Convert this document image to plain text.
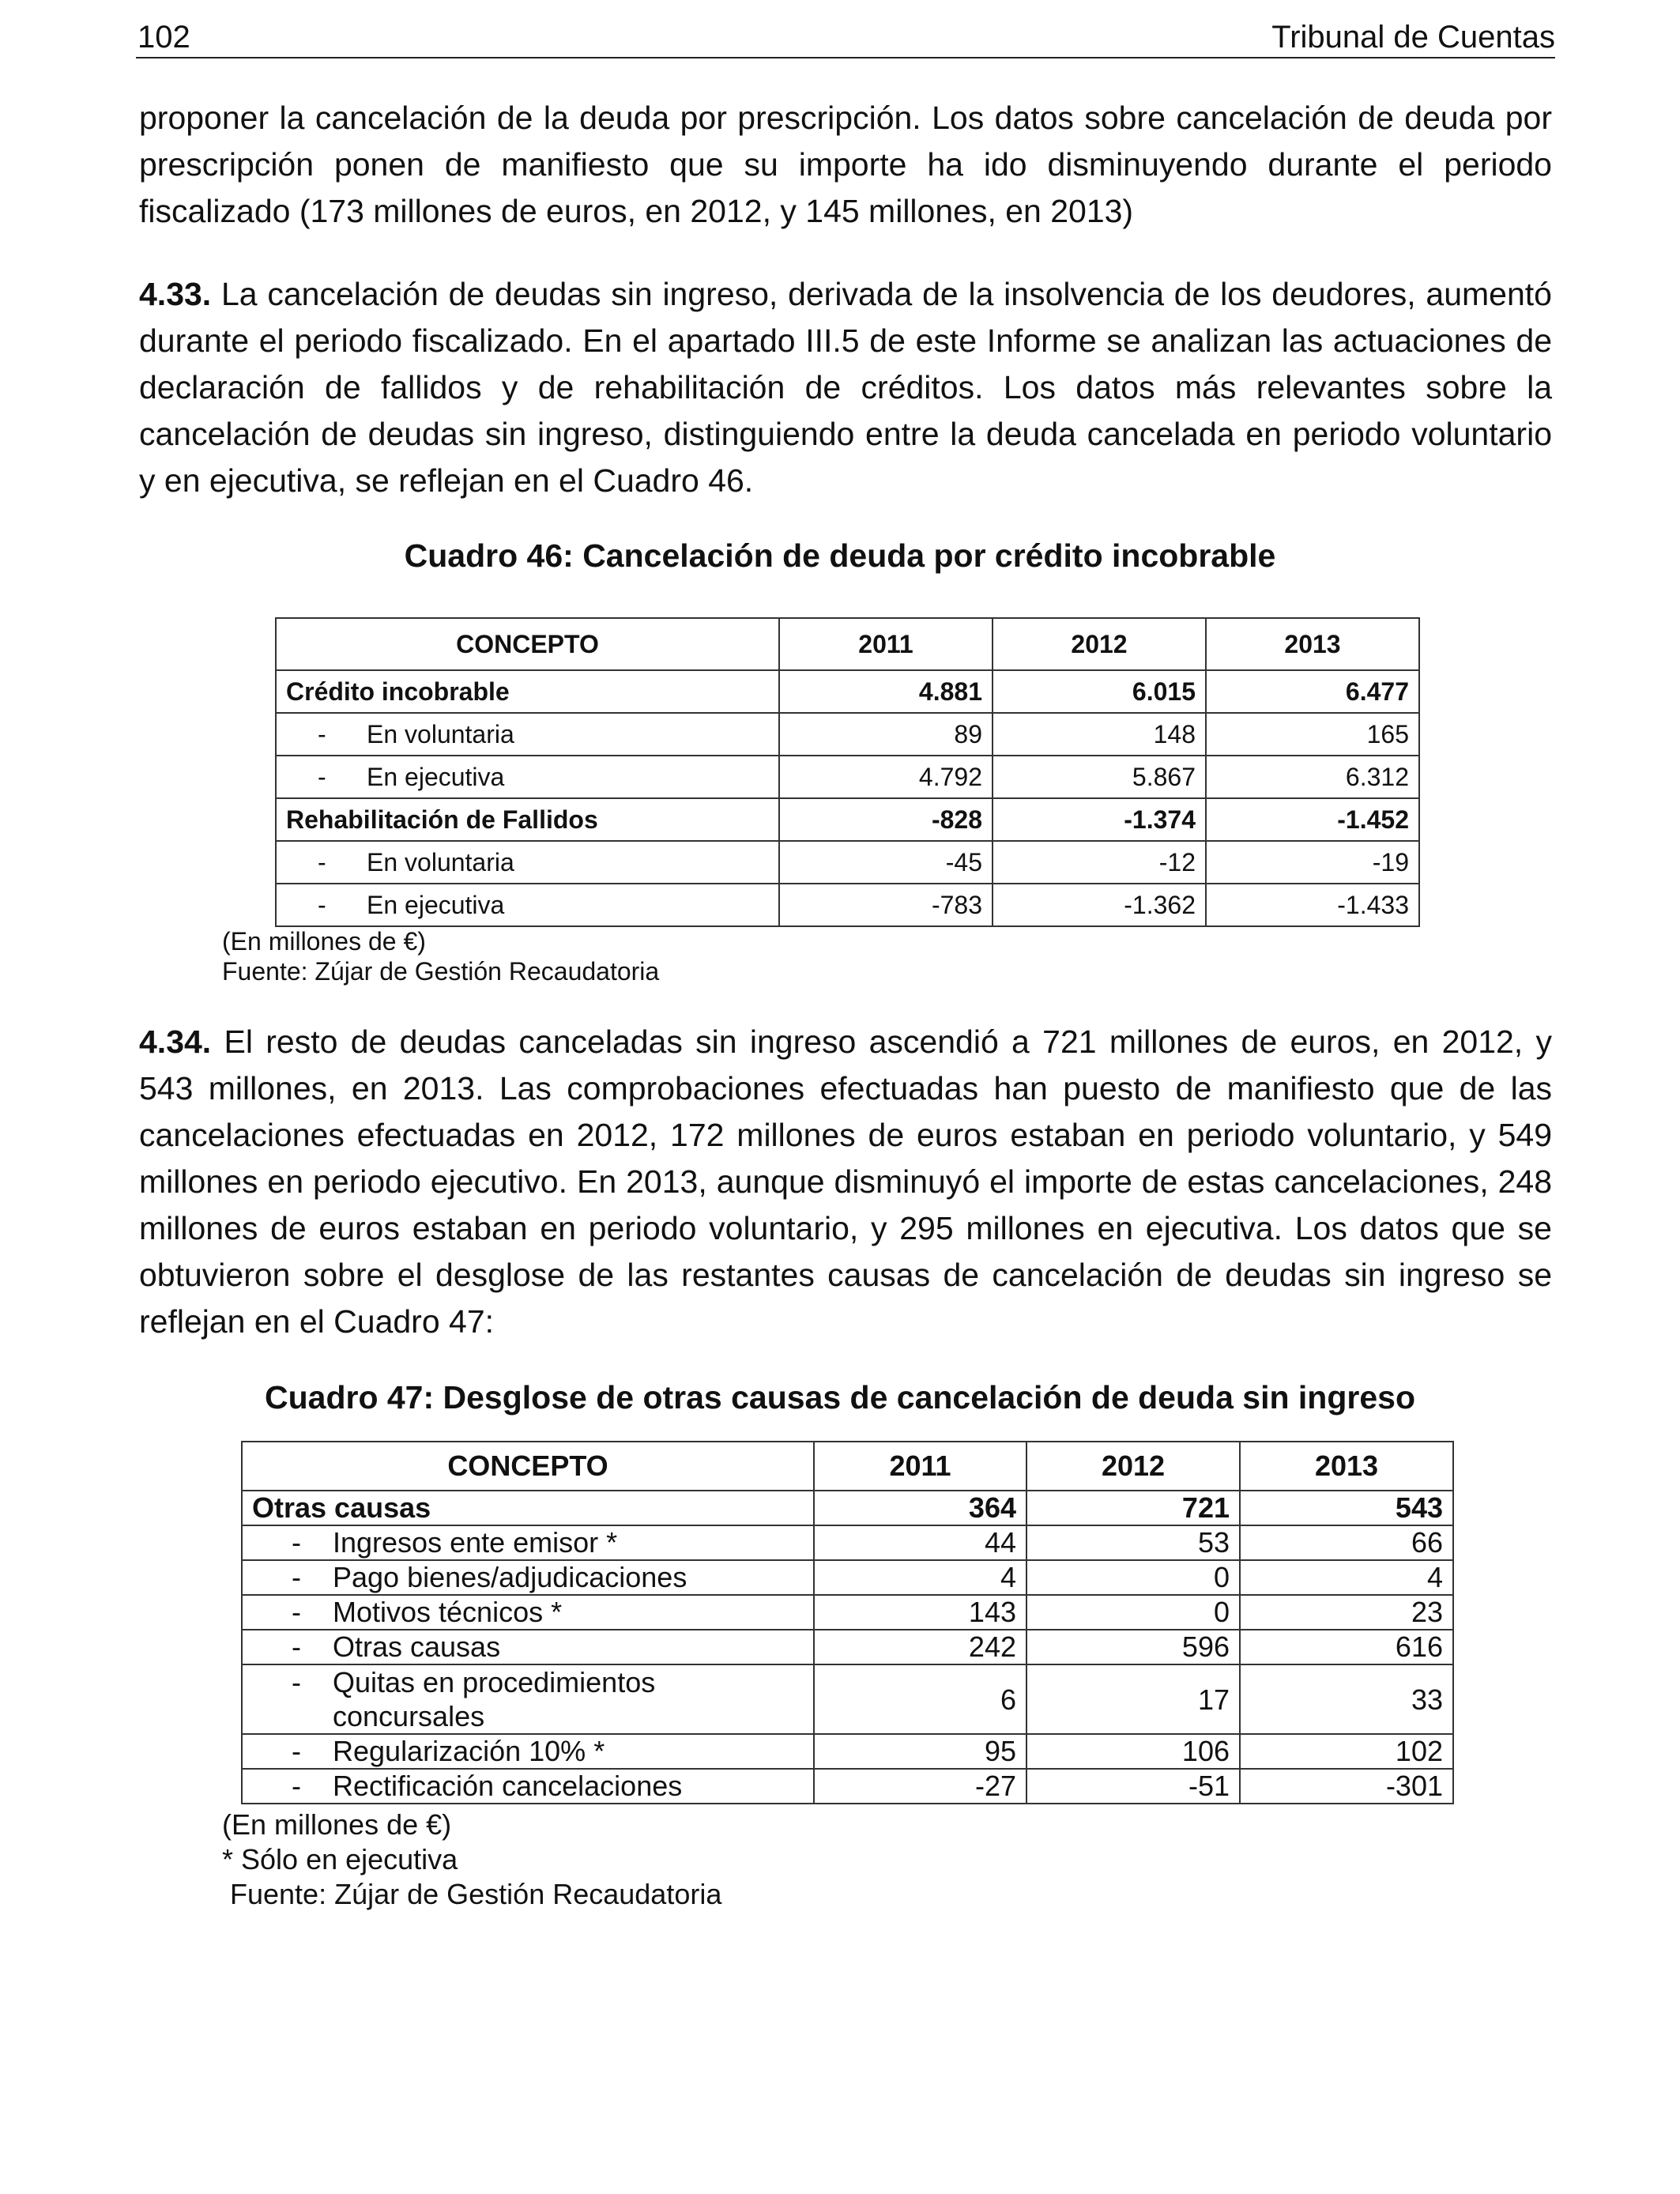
102	Tribunal de Cuentas

proponer la cancelación de la deuda por prescripción. Los datos sobre cancelación de deuda por prescripción ponen de manifiesto que su importe ha ido disminuyendo durante el periodo fiscalizado (173 millones de euros, en 2012, y 145 millones, en 2013)

4.33. La cancelación de deudas sin ingreso, derivada de la insolvencia de los deudores, aumentó durante el periodo fiscalizado. En el apartado III.5 de este Informe se analizan las actuaciones de declaración de fallidos y de rehabilitación de créditos. Los datos más relevantes sobre la cancelación de deudas sin ingreso, distinguiendo entre la deuda cancelada en periodo voluntario y en ejecutiva, se reflejan en el Cuadro 46.

Cuadro 46: Cancelación de deuda por crédito incobrable

CONCEPTO	2011	2012	2013
Crédito incobrable	4.881	6.015	6.477
- En voluntaria	89	148	165
- En ejecutiva	4.792	5.867	6.312
Rehabilitación de Fallidos	-828	-1.374	-1.452
- En voluntaria	-45	-12	-19
- En ejecutiva	-783	-1.362	-1.433

(En millones de €)

Fuente: Zújar de Gestión Recaudatoria

4.34. El resto de deudas canceladas sin ingreso ascendió a 721 millones de euros, en 2012, y 543 millones, en 2013. Las comprobaciones efectuadas han puesto de manifiesto que de las cancelaciones efectuadas en 2012, 172 millones de euros estaban en periodo voluntario, y 549 millones en periodo ejecutivo. En 2013, aunque disminuyó el importe de estas cancelaciones, 248 millones de euros estaban en periodo voluntario, y 295 millones en ejecutiva. Los datos que se obtuvieron sobre el desglose de las restantes causas de cancelación de deudas sin ingreso se reflejan en el Cuadro 47:

Cuadro 47: Desglose de otras causas de cancelación de deuda sin ingreso

CONCEPTO	2011	2012	2013
Otras causas	364	721	543
- Ingresos ente emisor *	44	53	66
- Pago bienes/adjudicaciones	4	0	4
- Motivos técnicos *	143	0	23
- Otras causas	242	596	616
- Quitas en procedimientos
concursales	6	17	33
- Regularización 10% *	95	106	102
- Rectificación cancelaciones	-27	-51	-301

(En millones de €)

* Sólo en ejecutiva

Fuente: Zújar de Gestión Recaudatoria
